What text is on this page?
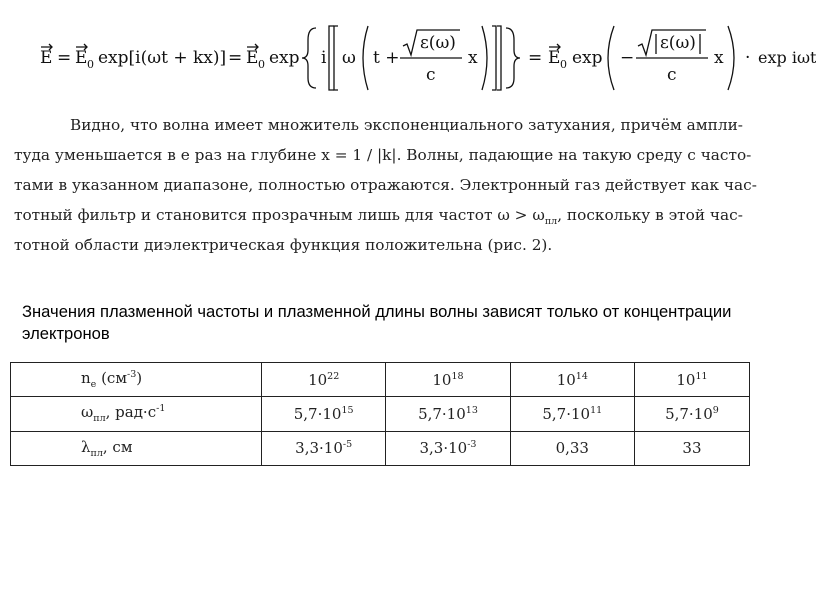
E = E 0 exp[i(ωt + kx)] = E 0 exp i ω t +
ε(ω)
c
x	= E 0 exp −
ε(ω)
c
x · exp iωt
Видно, что волна имеет множитель экспоненциального затухания, причём ампли-
туда уменьшается в e раз на глубине x = 1 / |k|. Волны, падающие на такую среду с часто-
тами в указанном диапазоне, полностью отражаются. Электронный газ действует как час-
тотный фильтр и становится прозрачным лишь для частот $\omega > \omega_{пл}$, поскольку в этой час-
тотной области диэлектрическая функция положительна (рис. 2).
Значения плазменной частоты и плазменной длины волны зависят только от концентрации электронов
$n_e$ $(см^{-3})$	$10^{22}$	$10^{18}$	$10^{14}$	$10^{11}$
$\omega_{пл}$, $рад\cdot с^{-1}$	$5,7\cdot 10^{15}$	$5,7\cdot 10^{13}$	$5,7\cdot 10^{11}$	$5,7\cdot 10^9$
$\lambda_{пл}$, см	$3,3\cdot 10^{-5}$	$3,3\cdot 10^{-3}$	0,33	33
